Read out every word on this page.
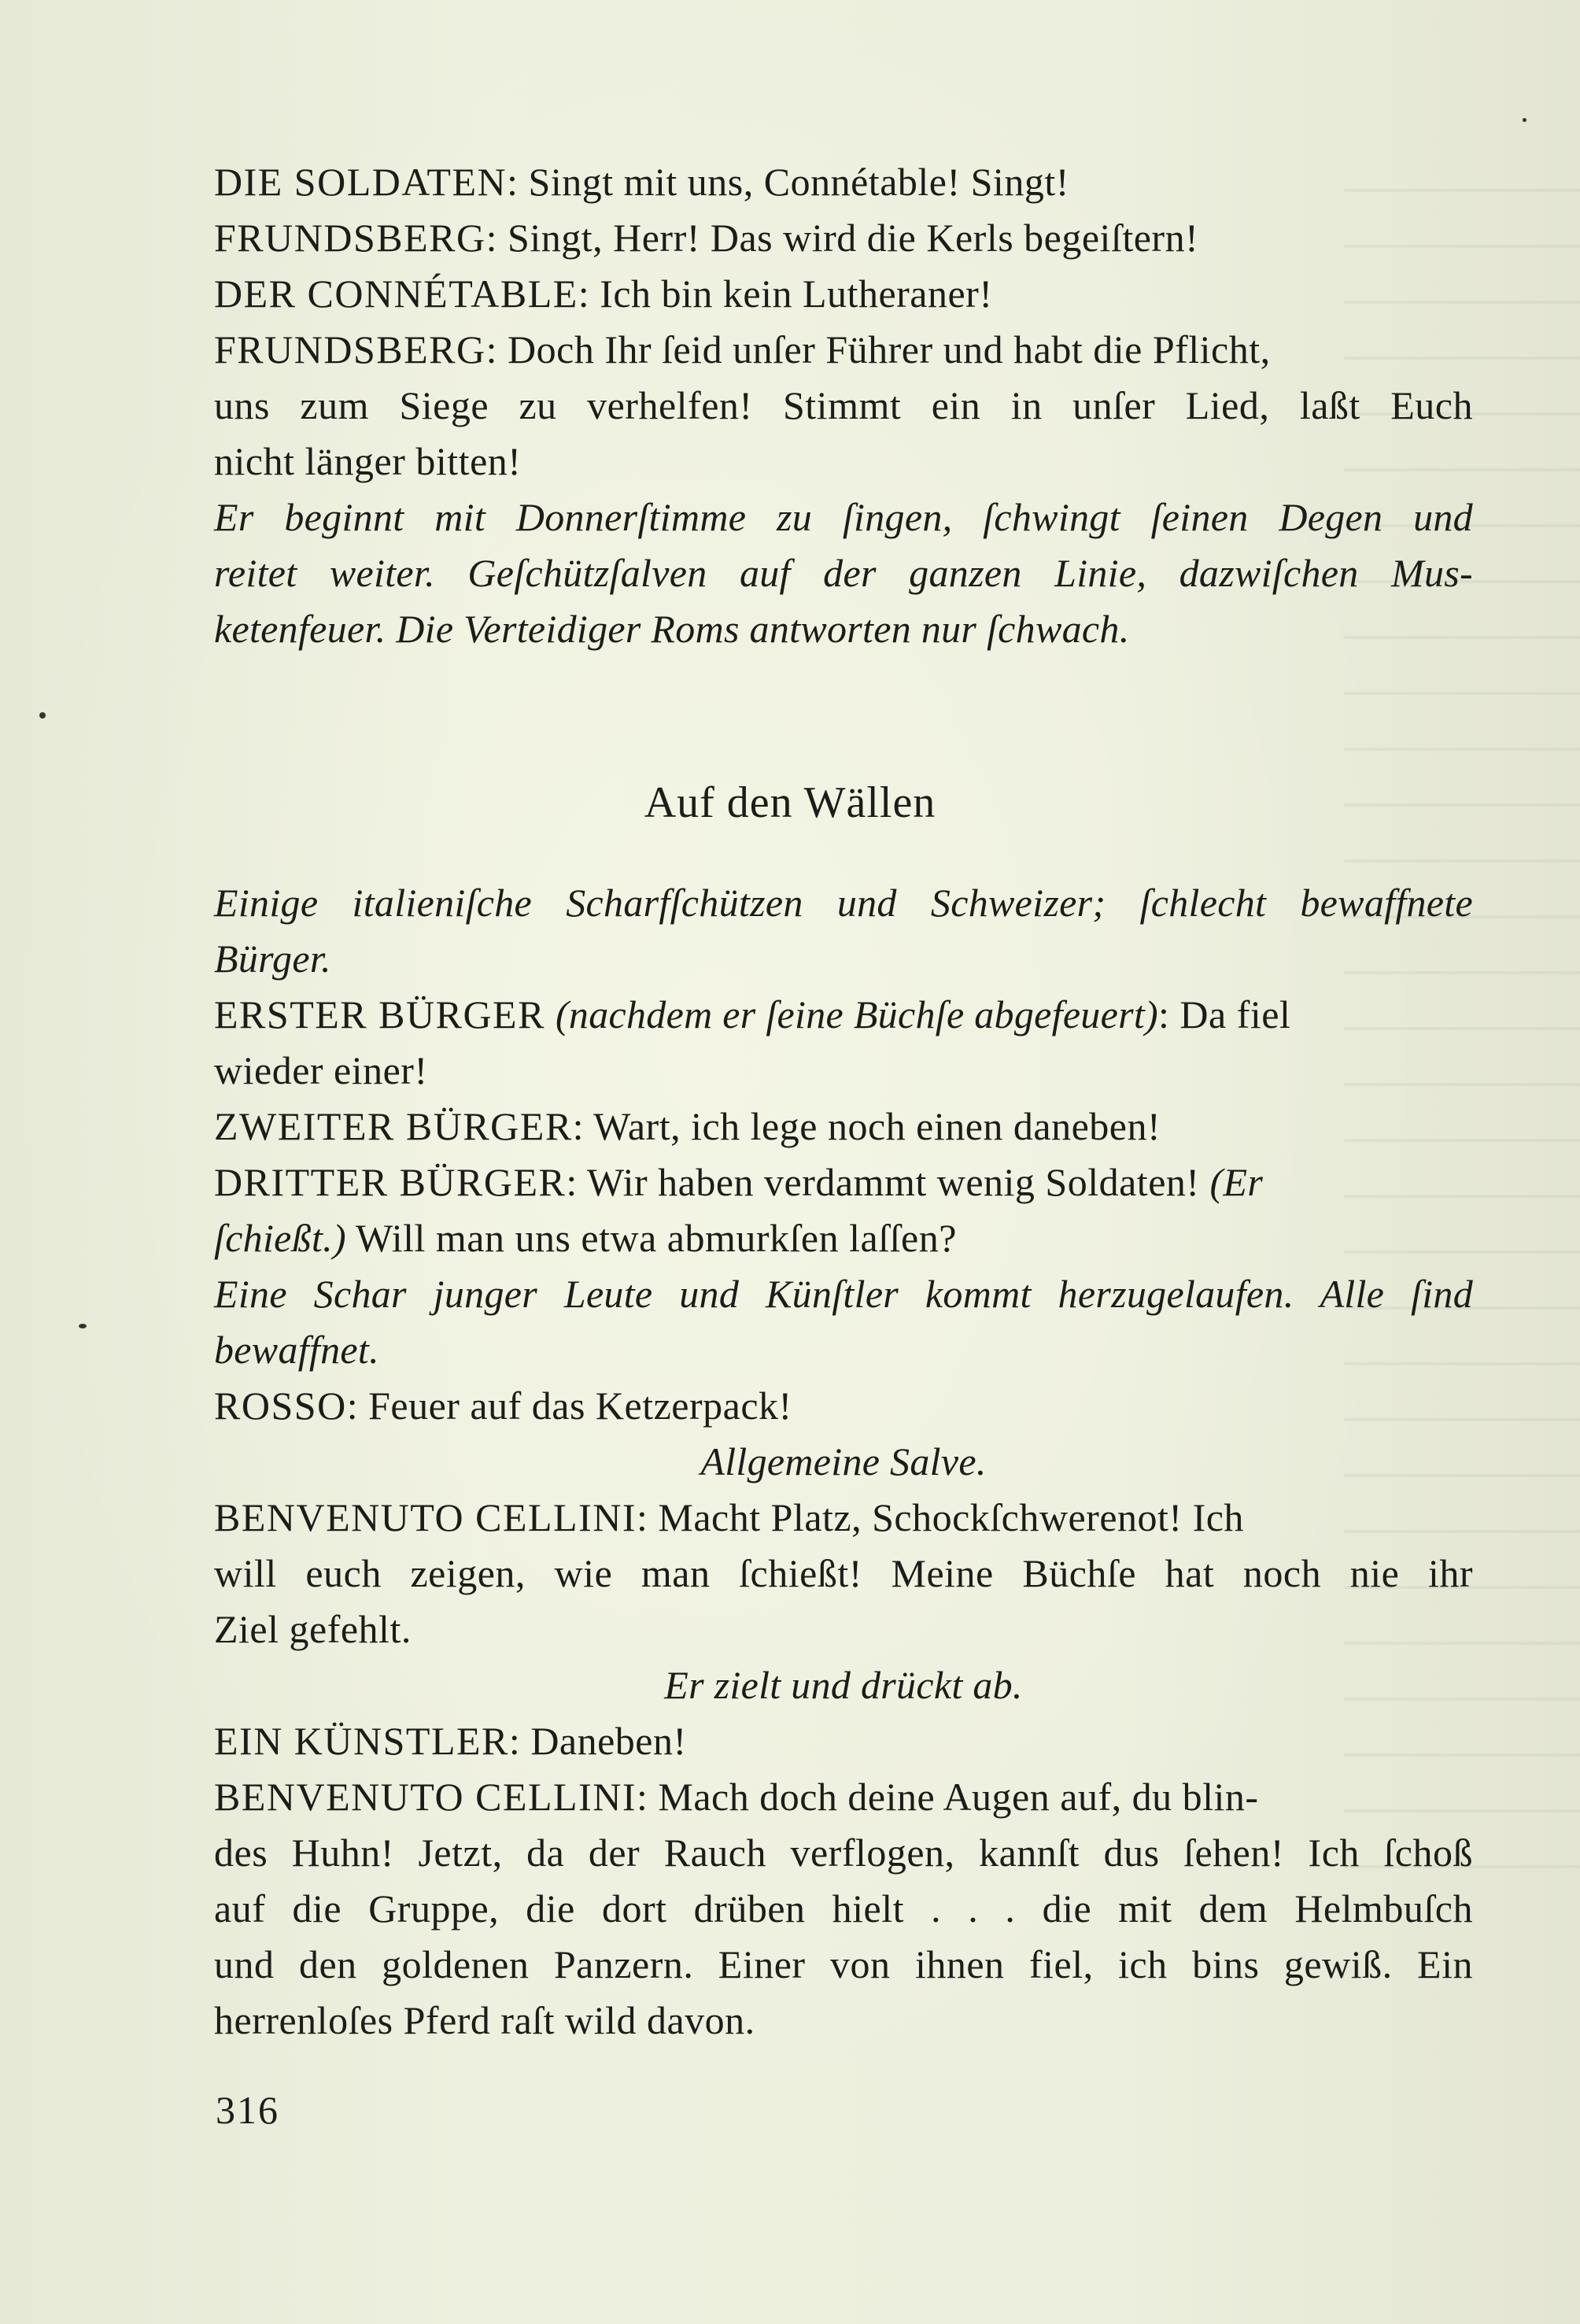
DIE SOLDATEN: Singt mit uns, Connétable! Singt!
FRUNDSBERG: Singt, Herr! Das wird die Kerls begeiſtern!
DER CONNÉTABLE: Ich bin kein Lutheraner!
FRUNDSBERG: Doch Ihr ſeid unſer Führer und habt die Pflicht,
uns zum Siege zu verhelfen! Stimmt ein in unſer Lied, laßt Euch
nicht länger bitten!
Er beginnt mit Donnerſtimme zu ſingen, ſchwingt ſeinen Degen und
reitet weiter. Geſchützſalven auf der ganzen Linie, dazwiſchen Mus-
ketenfeuer. Die Verteidiger Roms antworten nur ſchwach.
Auf den Wällen
Einige italieniſche Scharfſchützen und Schweizer; ſchlecht bewaffnete
Bürger.
ERSTER BÜRGER (nachdem er ſeine Büchſe abgefeuert): Da fiel
wieder einer!
ZWEITER BÜRGER: Wart, ich lege noch einen daneben!
DRITTER BÜRGER: Wir haben verdammt wenig Soldaten! (Er
ſchießt.) Will man uns etwa abmurkſen laſſen?
Eine Schar junger Leute und Künſtler kommt herzugelaufen. Alle ſind
bewaffnet.
ROSSO: Feuer auf das Ketzerpack!
Allgemeine Salve.
BENVENUTO CELLINI: Macht Platz, Schockſchwerenot! Ich
will euch zeigen, wie man ſchießt! Meine Büchſe hat noch nie ihr
Ziel gefehlt.
Er zielt und drückt ab.
EIN KÜNSTLER: Daneben!
BENVENUTO CELLINI: Mach doch deine Augen auf, du blin-
des Huhn! Jetzt, da der Rauch verflogen, kannſt dus ſehen! Ich ſchoß
auf die Gruppe, die dort drüben hielt . . . die mit dem Helmbuſch
und den goldenen Panzern. Einer von ihnen fiel, ich bins gewiß. Ein
herrenloſes Pferd raſt wild davon.
316
